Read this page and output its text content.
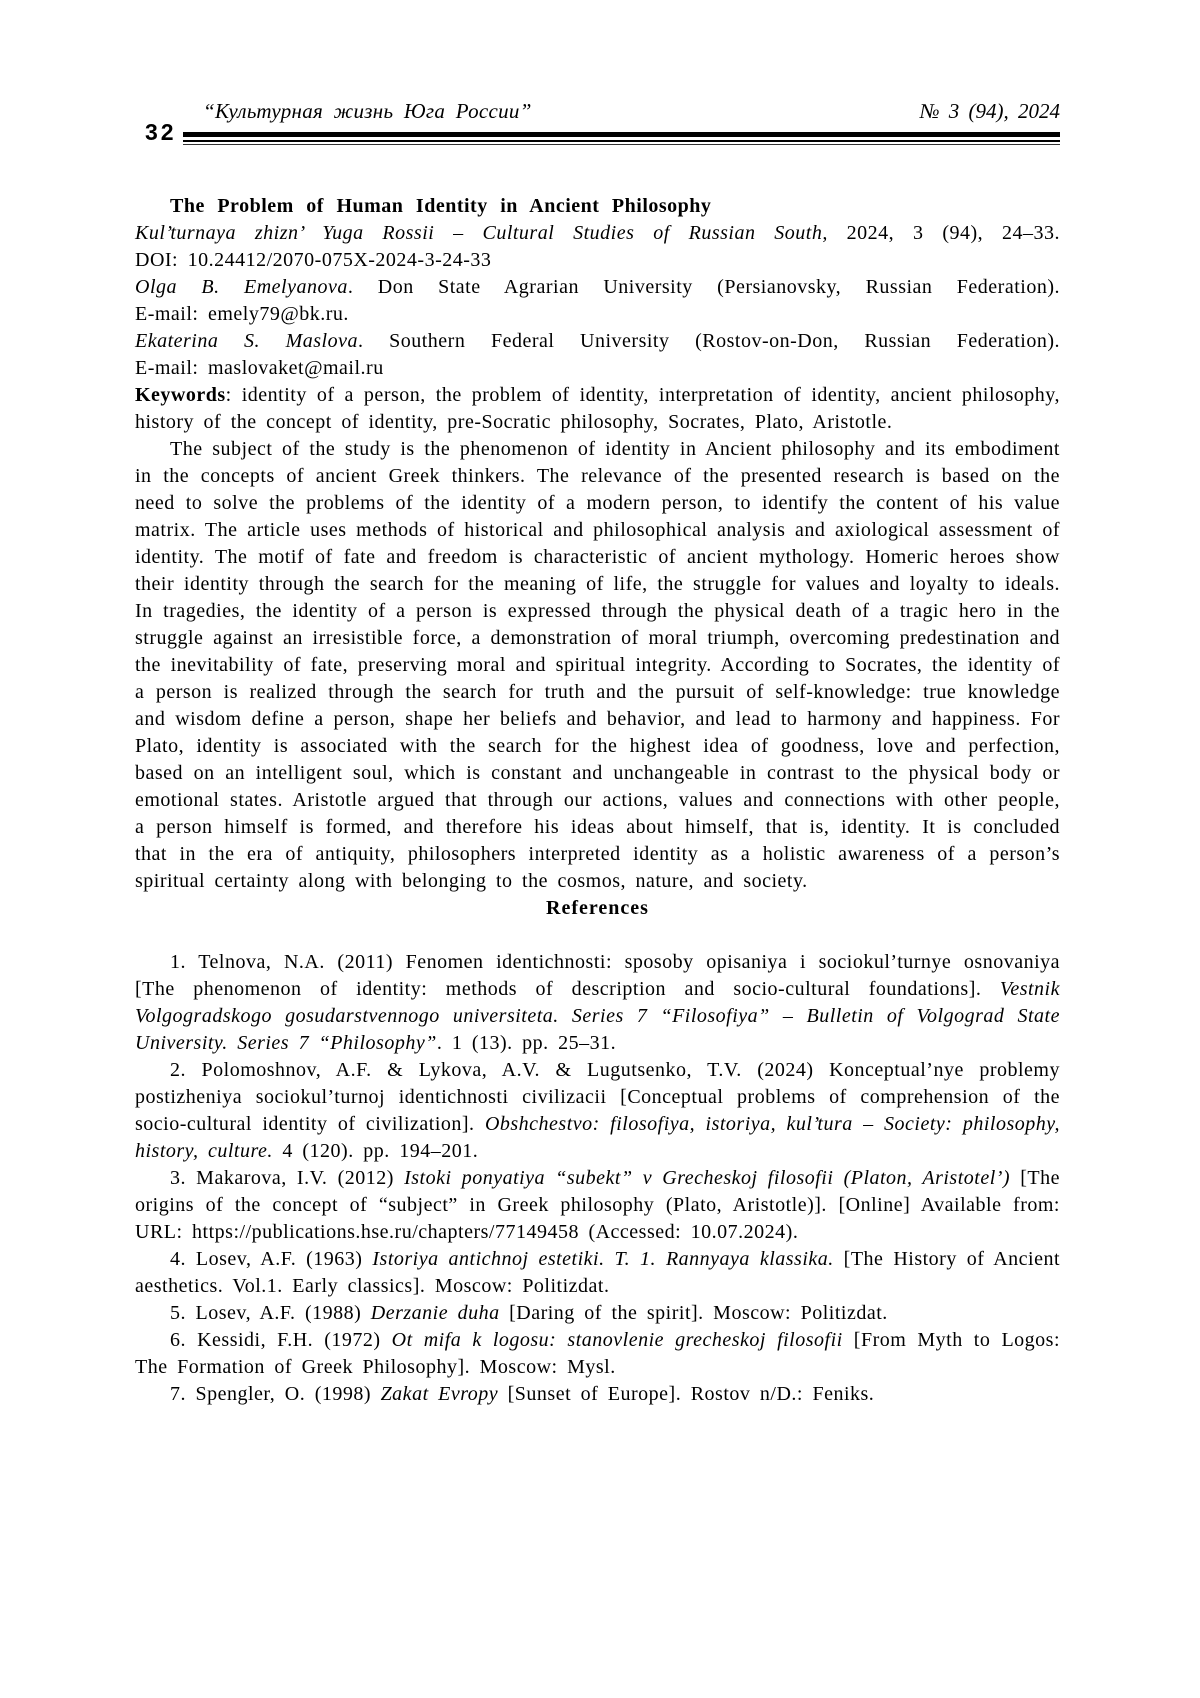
“Культурная жизнь Юга России”	№ 3 (94), 2024
32
The Problem of Human Identity in Ancient Philosophy

Kul’turnaya zhizn’ Yuga Rossii – Cultural Studies of Russian South, 2024, 3 (94), 24–33.

DOI: 10.24412/2070-075X-2024-3-24-33

Olga B. Emelyanova. Don State Agrarian University (Persianovsky, Russian Federation).

E-mail: emely79@bk.ru.

Ekaterina S. Maslova. Southern Federal University (Rostov-on-Don, Russian Federation).

E-mail: maslovaket@mail.ru

Keywords: identity of a person, the problem of identity, interpretation of identity, ancient philosophy, history of the concept of identity, pre-Socratic philosophy, Socrates, Plato, Aristotle.

The subject of the study is the phenomenon of identity in Ancient philosophy and its embodiment in the concepts of ancient Greek thinkers. The relevance of the presented research is based on the need to solve the problems of the identity of a modern person, to identify the content of his value matrix. The article uses methods of historical and philosophical analysis and axiological assessment of identity. The motif of fate and freedom is characteristic of ancient mythology. Homeric heroes show their identity through the search for the meaning of life, the struggle for values and loyalty to ideals. In tragedies, the identity of a person is expressed through the physical death of a tragic hero in the struggle against an irresistible force, a demonstration of moral triumph, overcoming predestination and the inevitability of fate, preserving moral and spiritual integrity. According to Socrates, the identity of a person is realized through the search for truth and the pursuit of self-knowledge: true knowledge and wisdom define a person, shape her beliefs and behavior, and lead to harmony and happiness. For Plato, identity is associated with the search for the highest idea of goodness, love and perfection, based on an intelligent soul, which is constant and unchangeable in contrast to the physical body or emotional states. Aristotle argued that through our actions, values and connections with other people, a person himself is formed, and therefore his ideas about himself, that is, identity. It is concluded that in the era of antiquity, philosophers interpreted identity as a holistic awareness of a person’s spiritual certainty along with belonging to the cosmos, nature, and society.

References

1. Telnova, N.A. (2011) Fenomen identichnosti: sposoby opisaniya i sociokul’turnye osnovaniya [The phenomenon of identity: methods of description and socio-cultural foundations]. Vestnik Volgogradskogo gosudarstvennogo universiteta. Series 7 “Filosofiya” – Bulletin of Volgograd State University. Series 7 “Philosophy”. 1 (13). pp. 25–31.

2. Polomoshnov, A.F. & Lykova, A.V. & Lugutsenko, T.V. (2024) Konceptual’nye problemy postizheniya sociokul’turnoj identichnosti civilizacii [Conceptual problems of comprehension of the socio-cultural identity of civilization]. Obshchestvo: filosofiya, istoriya, kul’tura – Society: philosophy, history, culture. 4 (120). pp. 194–201.

3. Makarova, I.V. (2012) Istoki ponyatiya “subekt” v Grecheskoj filosofii (Platon, Aristotel’) [The origins of the concept of “subject” in Greek philosophy (Plato, Aristotle)]. [Online] Available from: URL: https://publications.hse.ru/chapters/77149458 (Accessed: 10.07.2024).

4. Losev, A.F. (1963) Istoriya antichnoj estetiki. T. 1. Rannyaya klassika. [The History of Ancient aesthetics. Vol.1. Early classics]. Moscow: Politizdat.

5. Losev, A.F. (1988) Derzanie duha [Daring of the spirit]. Moscow: Politizdat.

6. Kessidi, F.H. (1972) Ot mifa k logosu: stanovlenie grecheskoj filosofii [From Myth to Logos: The Formation of Greek Philosophy]. Moscow: Mysl.

7. Spengler, O. (1998) Zakat Evropy [Sunset of Europe]. Rostov n/D.: Feniks.
